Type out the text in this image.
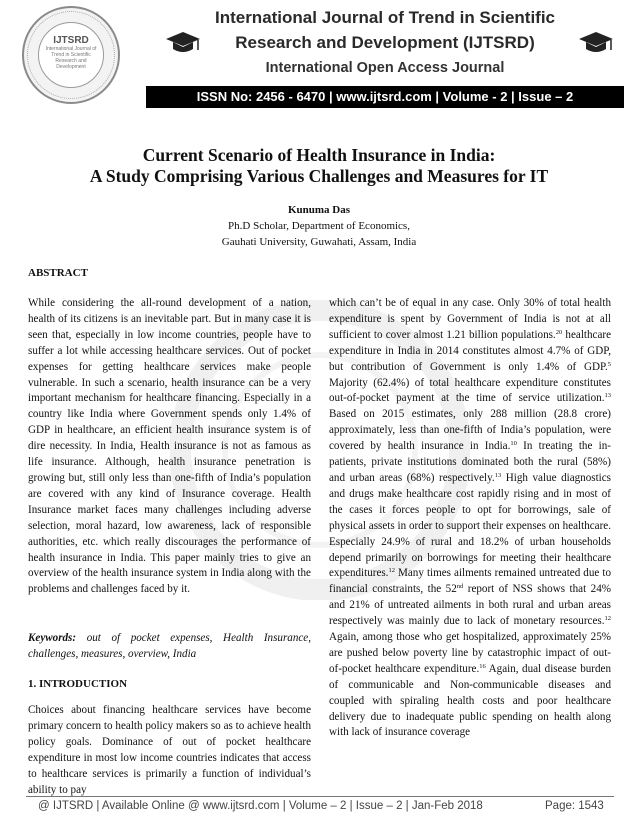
IJTSRD
International Journal of Trend in Scientific Research and Development
International Journal of Trend in Scientific
Research and Development (IJTSRD)
International Open Access Journal
ISSN No: 2456 - 6470 | www.ijtsrd.com | Volume - 2 | Issue – 2
Current Scenario of Health Insurance in India:
A Study Comprising Various Challenges and Measures for IT
Kunuma Das
Ph.D Scholar, Department of Economics,
Gauhati University, Guwahati, Assam, India
ABSTRACT

While considering the all-round development of a nation, health of its citizens is an inevitable part. But in many case it is seen that, especially in low income countries, people have to suffer a lot while accessing healthcare services. Out of pocket expenses for getting healthcare services make people vulnerable. In such a scenario, health insurance can be a very important mechanism for healthcare financing. Especially in a country like India where Government spends only 1.4% of GDP in healthcare, an efficient health insurance system is of dire necessity. In India, Health insurance is not as famous as life insurance. Although, health insurance penetration is growing but, still only less than one-fifth of India’s population are covered with any kind of Insurance coverage. Health Insurance market faces many challenges including adverse selection, moral hazard, low awareness, lack of responsible authorities, etc. which really discourages the performance of health insurance in India. This paper mainly tries to give an overview of the health insurance system in India along with the problems and challenges faced by it.

Keywords: out of pocket expenses, Health Insurance, challenges, measures, overview, India
1. INTRODUCTION
Choices about financing healthcare services have become primary concern to health policy makers so as to achieve health policy goals. Dominance of out of pocket healthcare expenditure in most low income countries indicates that access to healthcare services is primarily a function of individual’s ability to pay

which can’t be of equal in any case. Only 30% of total health expenditure is spent by Government of India is not at all sufficient to cover almost 1.21 billion populations.$^{20}$ healthcare expenditure in India in 2014 constitutes almost 4.7% of GDP, but contribution of Government is only 1.4% of GDP.$^5$ Majority (62.4%) of total healthcare expenditure constitutes out-of-pocket payment at the time of service utilization.$^{13}$ Based on 2015 estimates, only 288 million (28.8 crore) approximately, less than one-fifth of India’s population, were covered by health insurance in India.$^{10}$ In treating the in-patients, private institutions dominated both the rural (58%) and urban areas (68%) respectively.$^{13}$ High value diagnostics and drugs make healthcare cost rapidly rising and in most of the cases it forces people to opt for borrowings, sale of physical assets in order to support their expenses on healthcare. Especially 24.9% of rural and 18.2% of urban households depend primarily on borrowings for meeting their healthcare expenditures.$^{12}$ Many times ailments remained untreated due to financial constraints, the 52nd report of NSS shows that 24% and 21% of untreated ailments in both rural and urban areas respectively was mainly due to lack of monetary resources.$^{12}$ Again, among those who get hospitalized, approximately 25% are pushed below poverty line by catastrophic impact of out-of-pocket healthcare expenditure.$^{16}$ Again, dual disease burden of communicable and Non-communicable diseases and coupled with spiraling health costs and poor healthcare delivery due to inadequate public spending on health along with lack of insurance coverage

@ IJTSRD | Available Online @ www.ijtsrd.com | Volume – 2 | Issue – 2 | Jan-Feb 2018	Page: 1543
